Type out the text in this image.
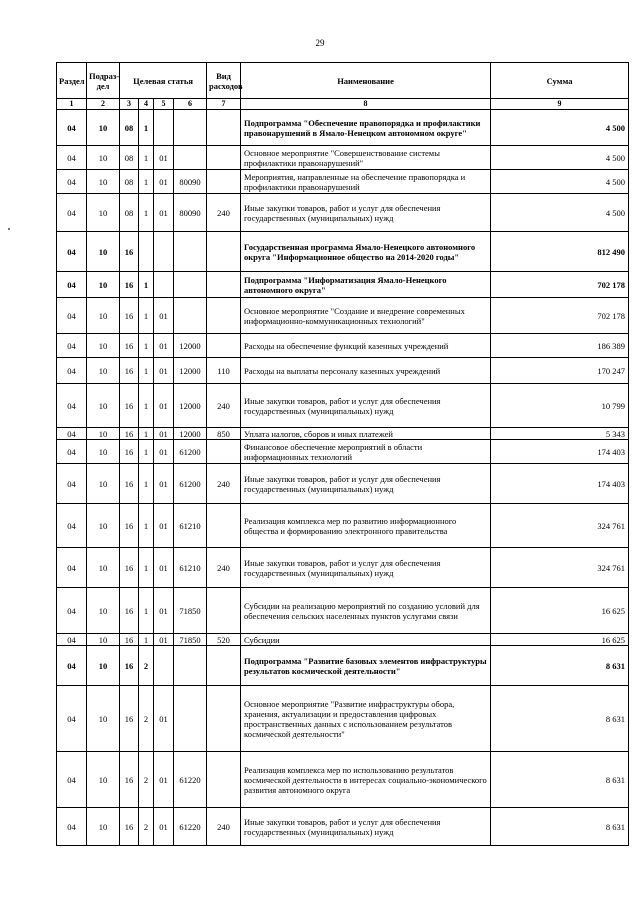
29
Раздел	Подраз-дел	Целевая статья				Вид расходов	Наименование	Сумма
1	2	3	4	5	6	7	8	9
04	10	08	1				Подпрограмма "Обеспечение правопорядка и профилактики правонарушений в Ямало-Ненецком автономном округе"	4 500
04	10	08	1	01			Основное мероприятие "Совершенствование системы профилактики правонарушений"	4 500
04	10	08	1	01	80090		Мероприятия, направленные на обеспечение правопорядка и профилактики правонарушений	4 500
04	10	08	1	01	80090	240	Иные закупки товаров, работ и услуг для обеспечения государственных (муниципальных) нужд	4 500
04	10	16					Государственная программа Ямало-Ненецкого автономного округа "Информационное общество на 2014-2020 годы"	812 490
04	10	16	1				Подпрограмма "Информатизация Ямало-Ненецкого автономного округа"	702 178
04	10	16	1	01			Основное мероприятие "Создание и внедрение современных информационно-коммуникационных технологий"	702 178
04	10	16	1	01	12000		Расходы на обеспечение функций казенных учреждений	186 389
04	10	16	1	01	12000	110	Расходы на выплаты персоналу казенных учреждений	170 247
04	10	16	1	01	12000	240	Иные закупки товаров, работ и услуг для обеспечения государственных (муниципальных) нужд	10 799
04	10	16	1	01	12000	850	Уплата налогов, сборов и иных платежей	5 343
04	10	16	1	01	61200		Финансовое обеспечение мероприятий в области информационных технологий	174 403
04	10	16	1	01	61200	240	Иные закупки товаров, работ и услуг для обеспечения государственных (муниципальных) нужд	174 403
04	10	16	1	01	61210		Реализация комплекса мер по развитию информационного общества и формированию электронного правительства	324 761
04	10	16	1	01	61210	240	Иные закупки товаров, работ и услуг для обеспечения государственных (муниципальных) нужд	324 761
04	10	16	1	01	71850		Субсидии на реализацию мероприятий по созданию условий для обеспечения сельских населенных пунктов услугами связи	16 625
04	10	16	1	01	71850	520	Субсидии	16 625
04	10	16	2				Подпрограмма "Развитие базовых элементов инфраструктуры результатов космической деятельности"	8 631
04	10	16	2	01			Основное мероприятие "Развитие инфраструктуры обора, хранения, актуализации и предоставления цифровых пространственных данных с использованием результатов космической деятельности"	8 631
04	10	16	2	01	61220		Реализация комплекса мер по использованию результатов космической деятельности в интересах социально-экономического развития автономного округа	8 631
04	10	16	2	01	61220	240	Иные закупки товаров, работ и услуг для обеспечения государственных (муниципальных) нужд	8 631
